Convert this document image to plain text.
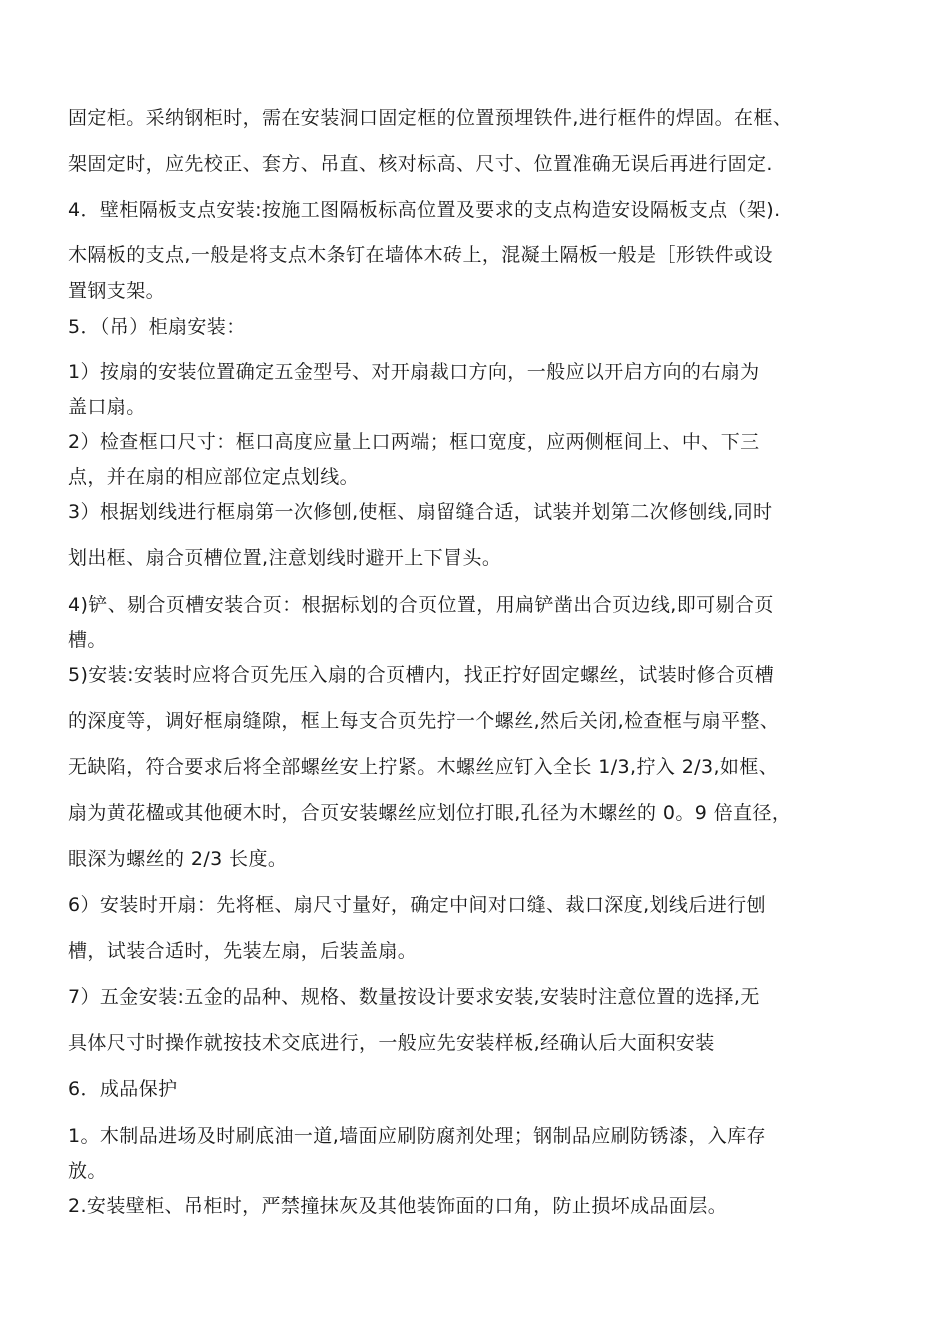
固定柜。采纳钢柜时，需在安装洞口固定框的位置预埋铁件,进行框件的焊固。在框、
架固定时，应先校正、套方、吊直、核对标高、尺寸、位置准确无误后再进行固定.
4．壁柜隔板支点安装:按施工图隔板标高位置及要求的支点构造安设隔板支点（架).
木隔板的支点,一般是将支点木条钉在墙体木砖上，混凝土隔板一般是［形铁件或设
置钢支架。
5．（吊）柜扇安装：
1）按扇的安装位置确定五金型号、对开扇裁口方向，一般应以开启方向的右扇为
盖口扇。
2）检查框口尺寸：框口高度应量上口两端；框口宽度，应两侧框间上、中、下三
点，并在扇的相应部位定点划线。
3）根据划线进行框扇第一次修刨,使框、扇留缝合适，试装并划第二次修刨线,同时
划出框、扇合页槽位置,注意划线时避开上下冒头。
4)铲、剔合页槽安装合页：根据标划的合页位置，用扁铲凿出合页边线,即可剔合页
槽。
5)安装:安装时应将合页先压入扇的合页槽内，找正拧好固定螺丝，试装时修合页槽
的深度等，调好框扇缝隙，框上每支合页先拧一个螺丝,然后关闭,检查框与扇平整、
无缺陷，符合要求后将全部螺丝安上拧紧。木螺丝应钉入全长 1/3,拧入 2/3,如框、
扇为黄花楹或其他硬木时，合页安装螺丝应划位打眼,孔径为木螺丝的 0。9 倍直径，
眼深为螺丝的 2/3 长度。
6）安装时开扇：先将框、扇尺寸量好，确定中间对口缝、裁口深度,划线后进行刨
槽，试装合适时，先装左扇，后装盖扇。
7）五金安装:五金的品种、规格、数量按设计要求安装,安装时注意位置的选择,无
具体尺寸时操作就按技术交底进行，一般应先安装样板,经确认后大面积安装
6．成品保护
1。木制品进场及时刷底油一道,墙面应刷防腐剂处理；钢制品应刷防锈漆，入库存
放。
2.安装壁柜、吊柜时，严禁撞抹灰及其他装饰面的口角，防止损坏成品面层。
